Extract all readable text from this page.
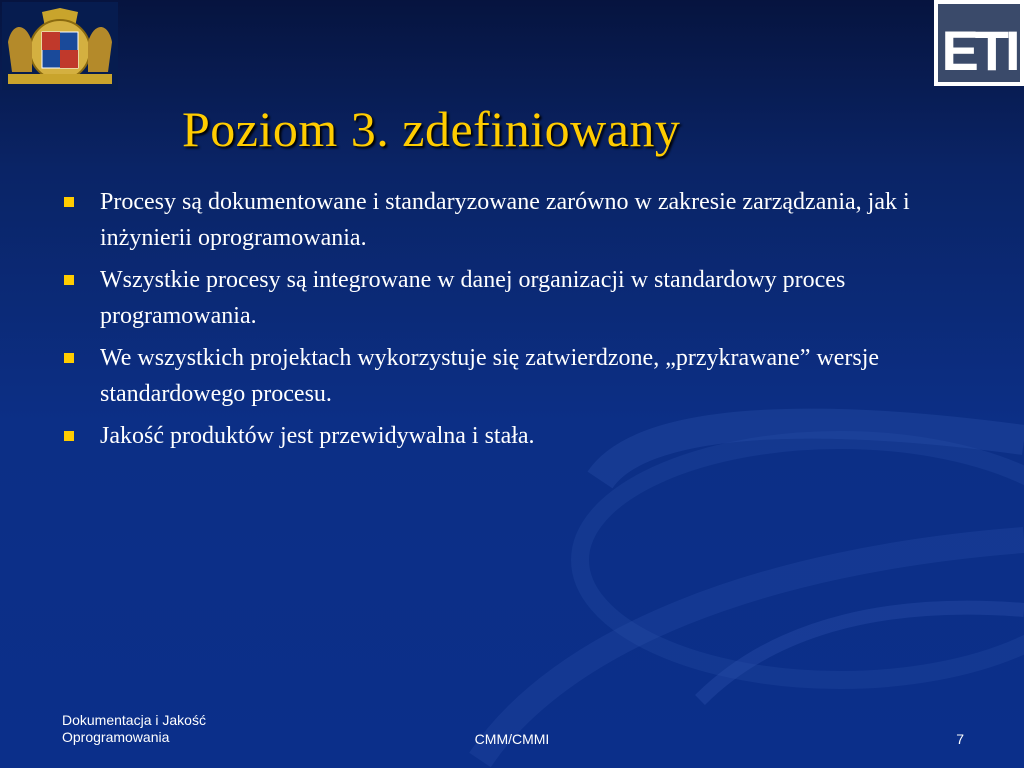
ETI
Poziom 3. zdefiniowany
Procesy są dokumentowane i standaryzowane zarówno w zakresie zarządzania, jak i inżynierii oprogramowania.
Wszystkie procesy są integrowane w danej organizacji w standardowy proces programowania.
We wszystkich projektach wykorzystuje się zatwierdzone, „przykrawane” wersje standardowego procesu.
Jakość produktów jest przewidywalna i stała.
Dokumentacja i Jakość Oprogramowania	CMM/CMMI	7
